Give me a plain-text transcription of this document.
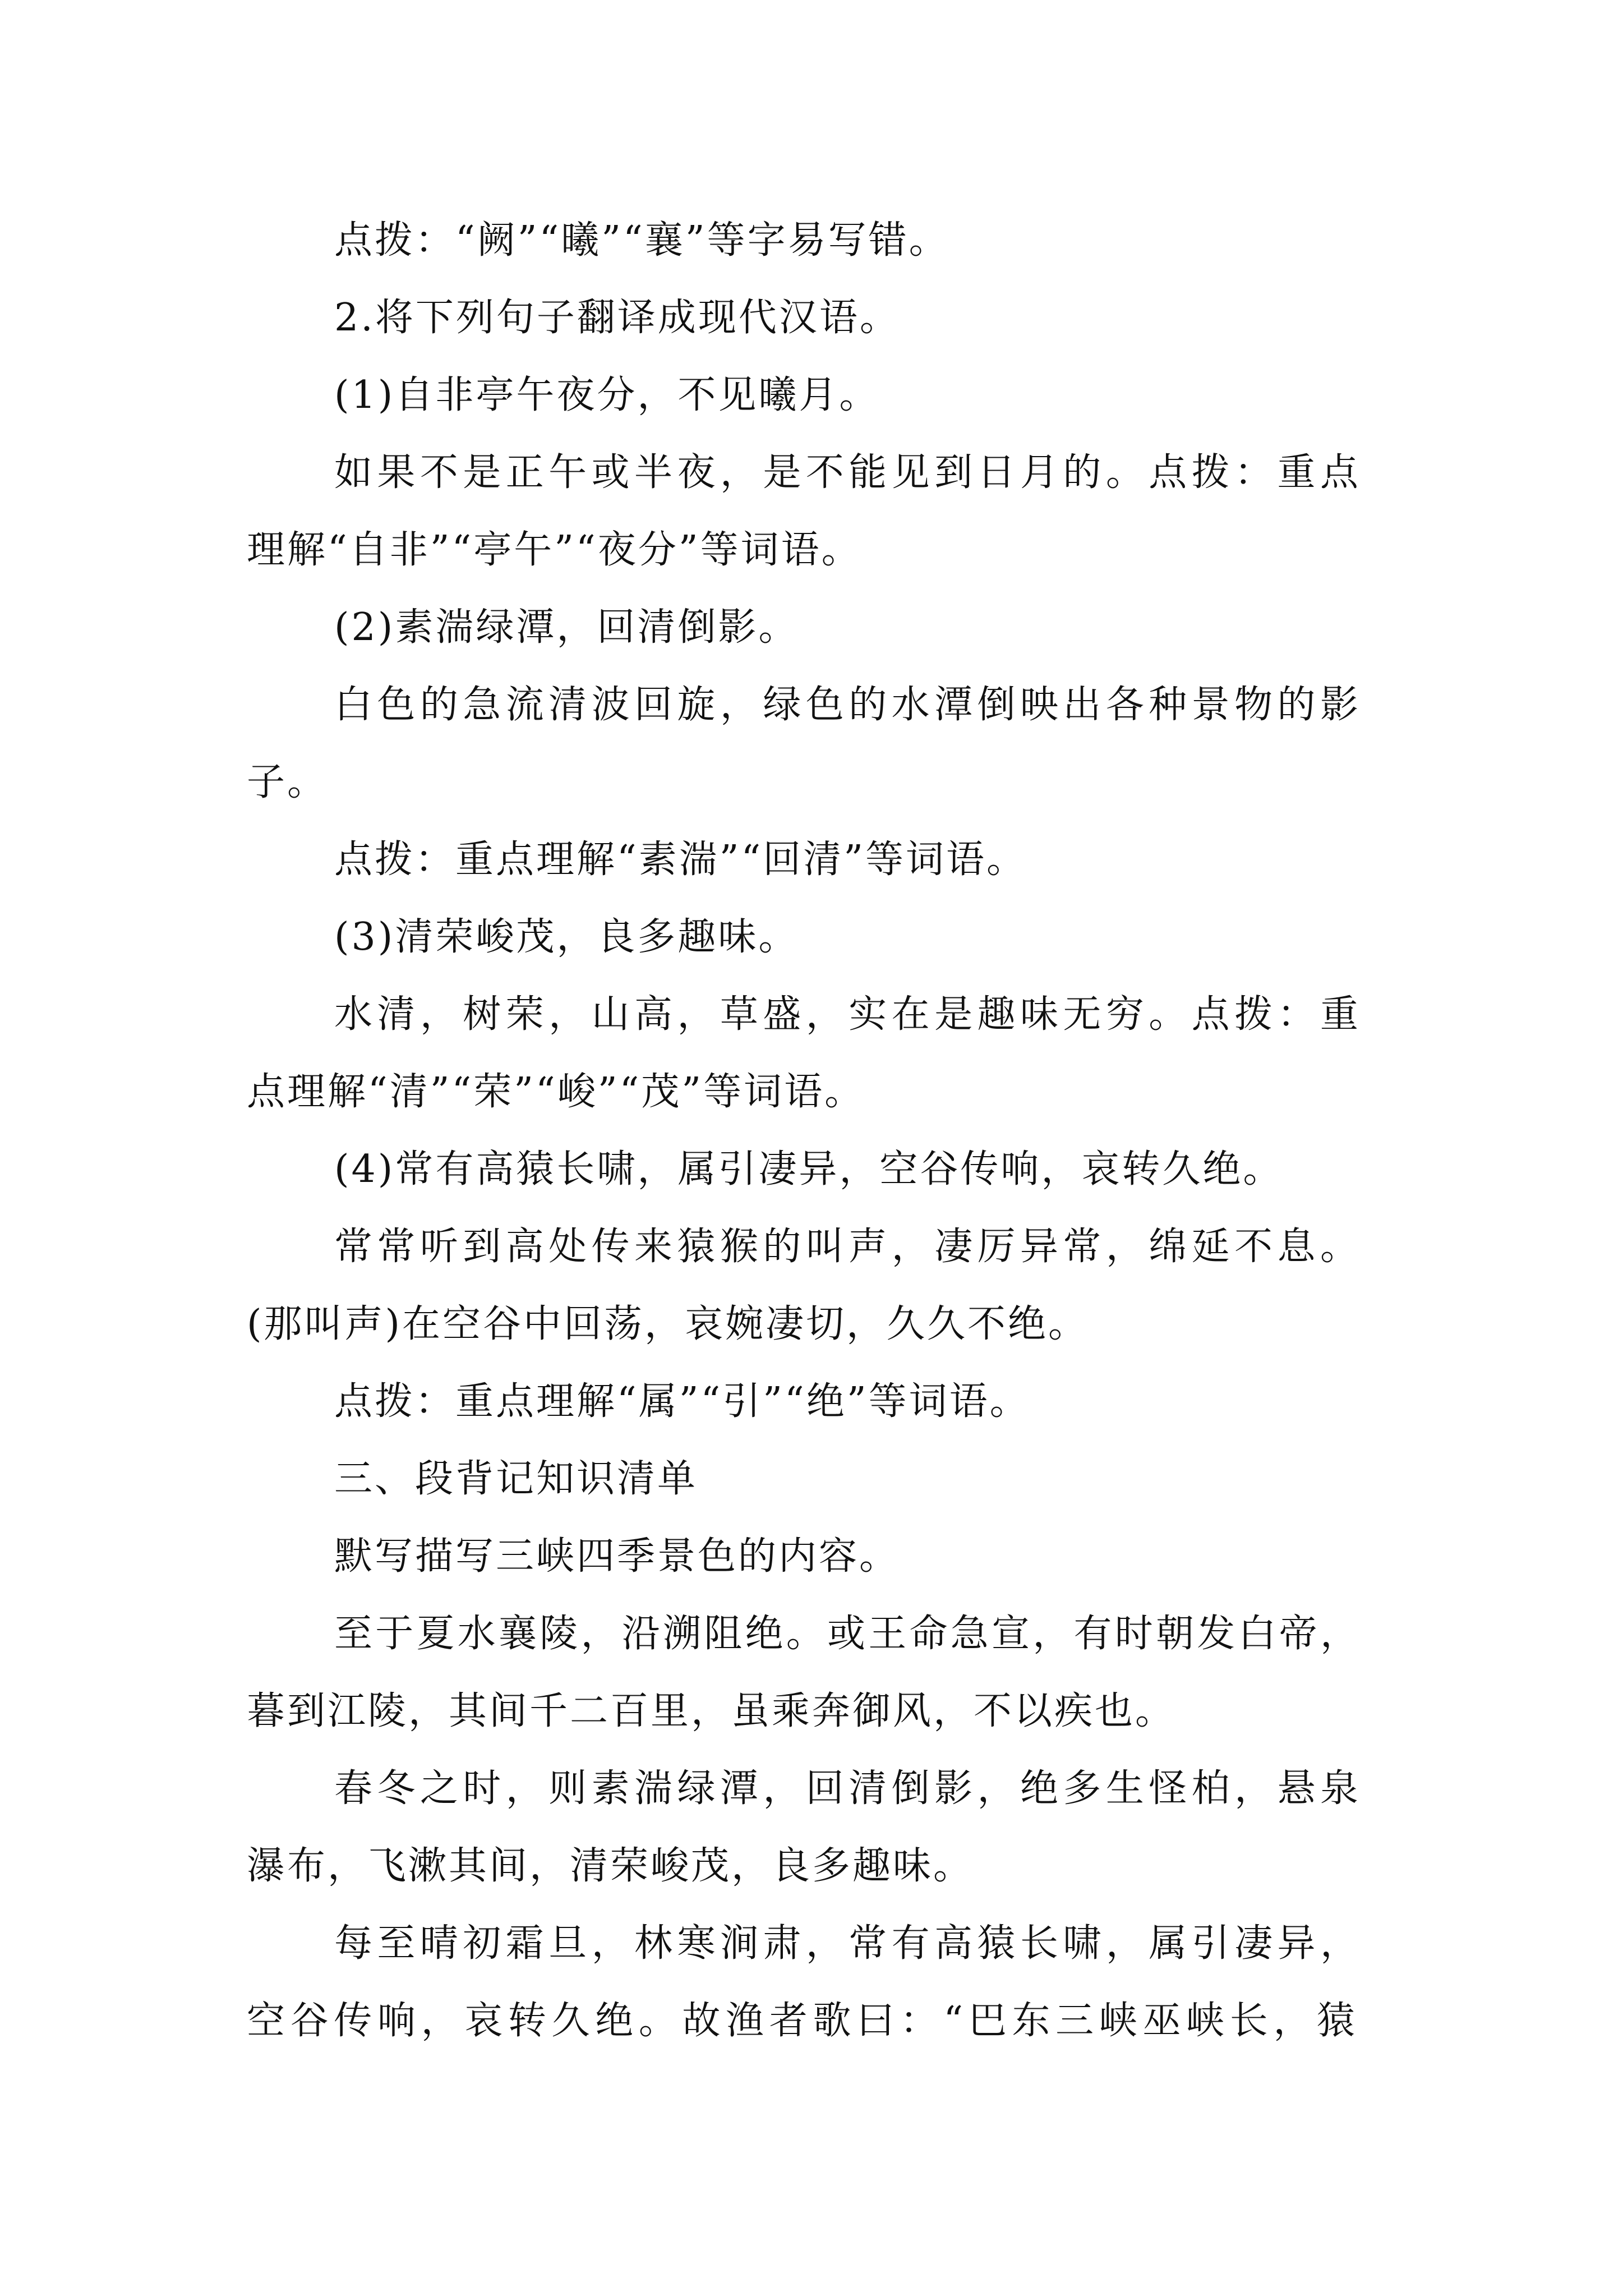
点拨：“阙”“曦”“襄”等字易写错。

2.将下列句子翻译成现代汉语。

(1)自非亭午夜分，不见曦月。

如果不是正午或半夜，是不能见到日月的。点拨：重点

理解“自非”“亭午”“夜分”等词语。

(2)素湍绿潭，回清倒影。

白色的急流清波回旋，绿色的水潭倒映出各种景物的影

子。

点拨：重点理解“素湍”“回清”等词语。

(3)清荣峻茂，良多趣味。

水清，树荣，山高，草盛，实在是趣味无穷。点拨：重

点理解“清”“荣”“峻”“茂”等词语。

(4)常有高猿长啸，属引凄异，空谷传响，哀转久绝。

常常听到高处传来猿猴的叫声，凄厉异常，绵延不息。

(那叫声)在空谷中回荡，哀婉凄切，久久不绝。

点拨：重点理解“属”“引”“绝”等词语。

三、段背记知识清单

默写描写三峡四季景色的内容。

至于夏水襄陵，沿溯阻绝。或王命急宣，有时朝发白帝，

暮到江陵，其间千二百里，虽乘奔御风，不以疾也。

春冬之时，则素湍绿潭，回清倒影，绝多生怪柏，悬泉

瀑布，飞漱其间，清荣峻茂，良多趣味。

每至晴初霜旦，林寒涧肃，常有高猿长啸，属引凄异，

空谷传响，哀转久绝。故渔者歌曰：“巴东三峡巫峡长，猿
